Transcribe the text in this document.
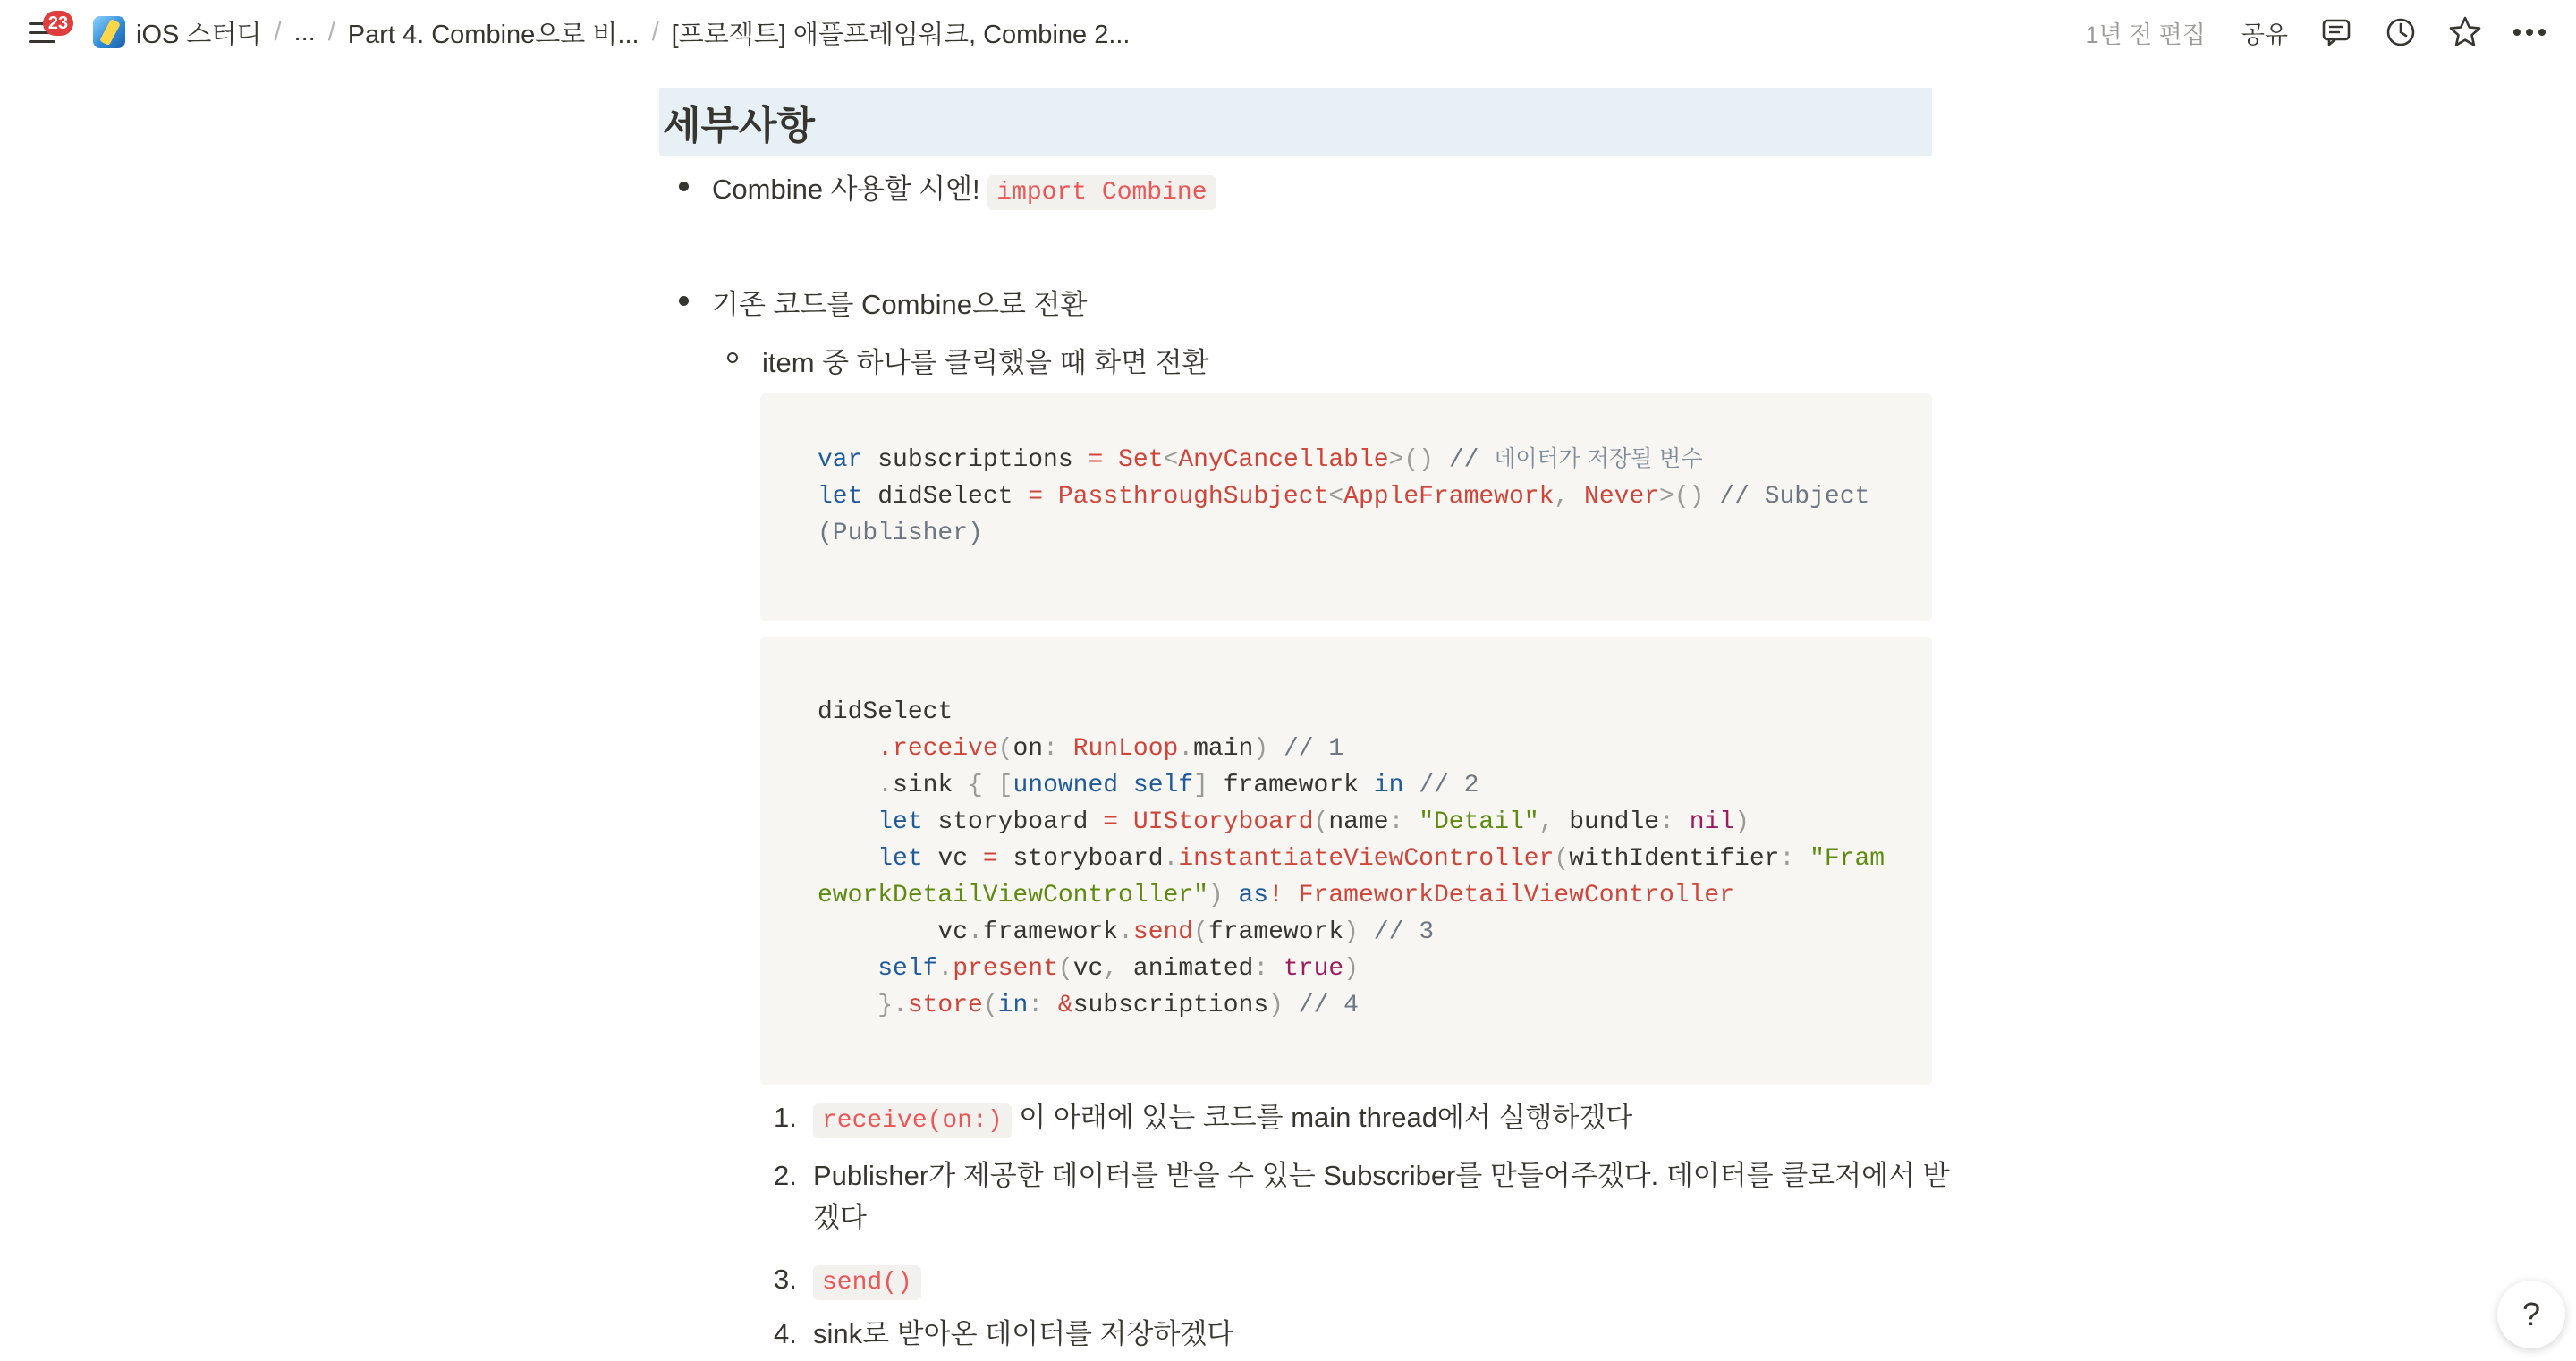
23	iOS 스터디 / ... / Part 4. Combine으로 비... / [프로젝트] 애플프레임워크, Combine 2...	1년 전 편집 공유
세부사항
Combine 사용할 시엔! import Combine
기존 코드를 Combine으로 전환
item 중 하나를 클릭했을 때 화면 전환
var subscriptions = Set<AnyCancellable>() // 데이터가 저장될 변수
let didSelect = PassthroughSubject<AppleFramework, Never>() // Subject(Publisher)
didSelect
.receive(on: RunLoop.main) // 1
.sink { [unowned self] framework in // 2
let storyboard = UIStoryboard(name: "Detail", bundle: nil)
let vc = storyboard.instantiateViewController(withIdentifier: "FrameworkDetailViewController") as! FrameworkDetailViewController
vc.framework.send(framework) // 3
self.present(vc, animated: true)
}.store(in: &subscriptions) // 4
1.	receive(on:) 이 아래에 있는 코드를 main thread에서 실행하겠다
2. Publisher가 제공한 데이터를 받을 수 있는 Subscriber를 만들어주겠다. 데이터를 클로저에서 받
겠다
3.	send()
4. sink로 받아온 데이터를 저장하겠다
?
